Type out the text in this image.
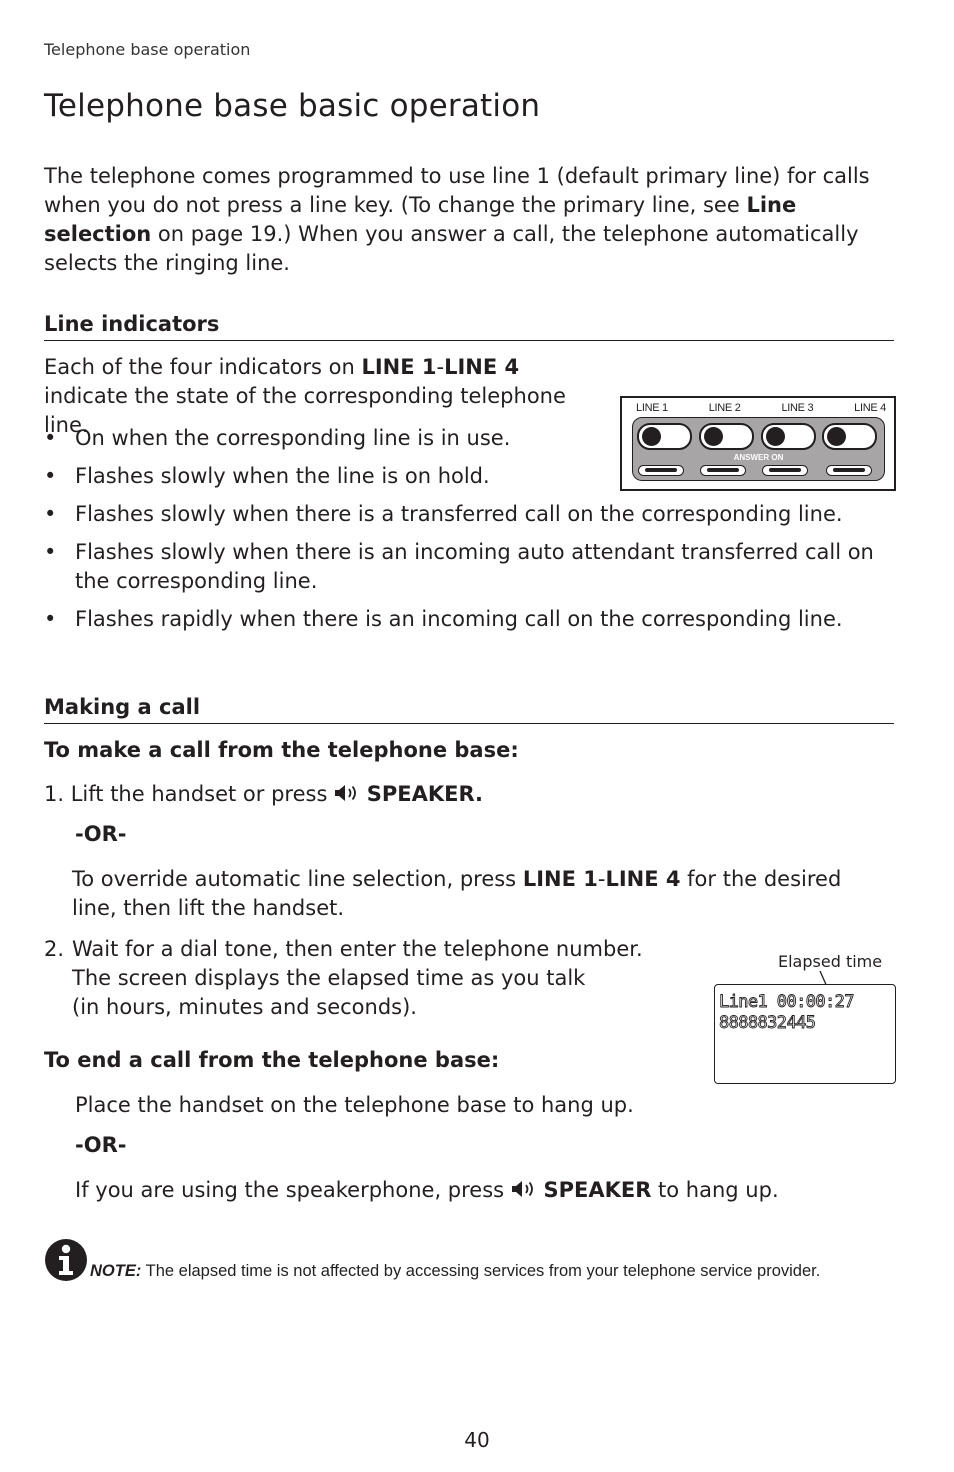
Telephone base operation
Telephone base basic operation

The telephone comes programmed to use line 1 (default primary line) for calls when you do not press a line key. (To change the primary line, see Line selection on page 19.) When you answer a call, the telephone automatically selects the ringing line.

Line indicators

Each of the four indicators on LINE 1-LINE 4 indicate the state of the corresponding telephone line.

• On when the corresponding line is in use.
• Flashes slowly when the line is on hold.
• Flashes slowly when there is a transferred call on the corresponding line.
• Flashes slowly when there is an incoming auto attendant transferred call on the corresponding line.
• Flashes rapidly when there is an incoming call on the corresponding line.
LINE 1	LINE 2	LINE 3	LINE 4
ANSWER ON
Making a call
To make a call from the telephone base:

1. Lift the handset or press  SPEAKER.

-OR-

To override automatic line selection, press LINE 1-LINE 4 for the desired line, then lift the handset.

2. Wait for a dial tone, then enter the telephone number.
The screen displays the elapsed time as you talk
(in hours, minutes and seconds).
Elapsed time
Line1 00:00:27
8888832445
To end a call from the telephone base:

Place the handset on the telephone base to hang up.

-OR-

If you are using the speakerphone, press  SPEAKER to hang up.

NOTE: The elapsed time is not affected by accessing services from your telephone service provider.

40
